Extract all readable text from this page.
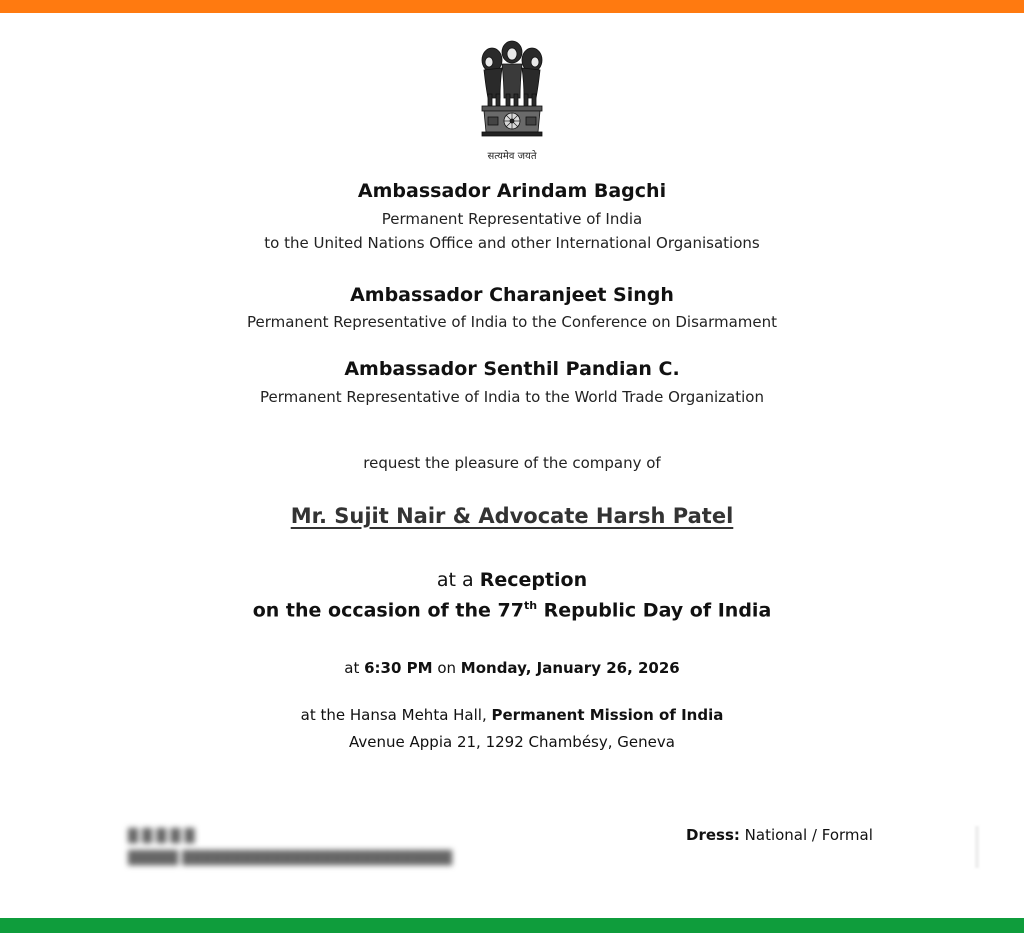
सत्यमेव जयते
Ambassador Arindam Bagchi
Permanent Representative of India
to the United Nations Office and other International Organisations
Ambassador Charanjeet Singh
Permanent Representative of India to the Conference on Disarmament
Ambassador Senthil Pandian C.
Permanent Representative of India to the World Trade Organization
request the pleasure of the company of
Mr. Sujit Nair & Advocate Harsh Patel
at a Reception
on the occasion of the 77th Republic Day of India
at 6:30 PM on Monday, January 26, 2026
at the Hansa Mehta Hall, Permanent Mission of India
Avenue Appia 21, 1292 Chambésy, Geneva
█ █ █ █ █
█████ ███████████████████████████
Dress: National / Formal
